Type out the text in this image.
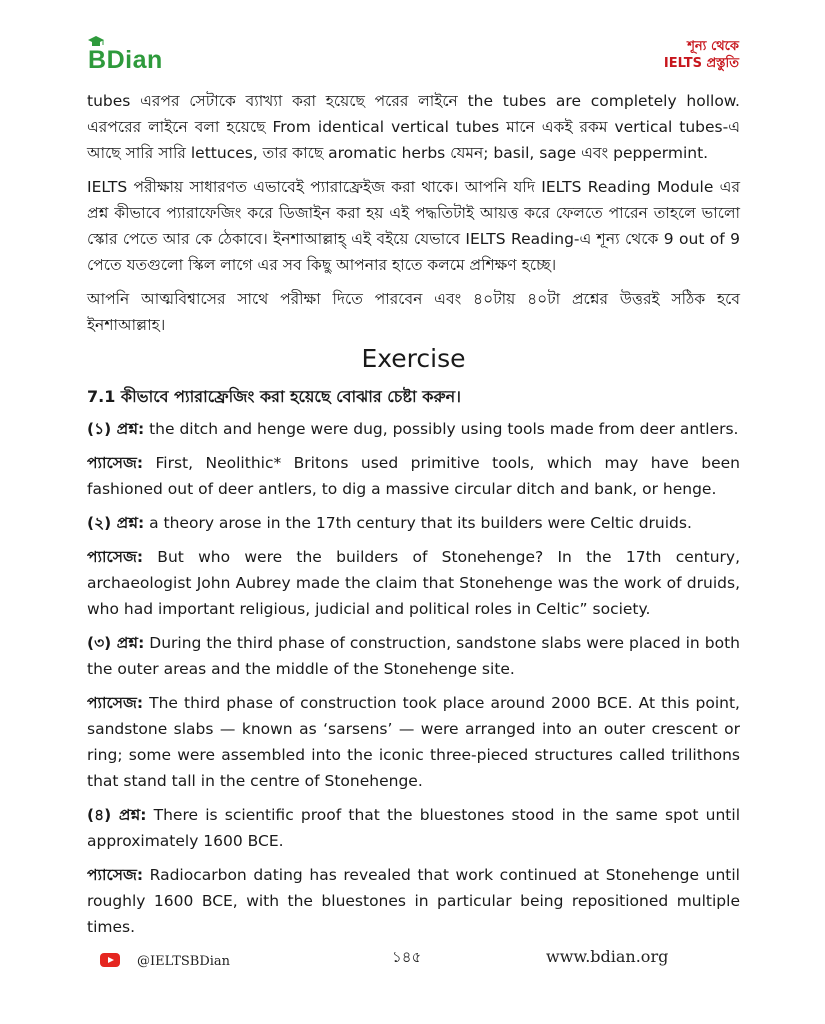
BDian	শূন্য থেকে
IELTS প্রস্তুতি

tubes এরপর সেটাকে ব্যাখ্যা করা হয়েছে পরের লাইনে the tubes are completely hollow. এরপরের লাইনে বলা হয়েছে From identical vertical tubes মানে একই রকম vertical tubes-এ আছে সারি সারি lettuces, তার কাছে aromatic herbs যেমন; basil, sage এবং peppermint.

IELTS পরীক্ষায় সাধারণত এভাবেই প্যারাফ্রেইজ করা থাকে। আপনি যদি IELTS Reading Module এর প্রশ্ন কীভাবে প্যারাফেজিং করে ডিজাইন করা হয় এই পদ্ধতিটাই আয়ত্ত করে ফেলতে পারেন তাহলে ভালো স্কোর পেতে আর কে ঠেকাবে। ইনশাআল্লাহ্ এই বইয়ে যেভাবে IELTS Reading-এ শূন্য থেকে 9 out of 9 পেতে যতগুলো স্কিল লাগে এর সব কিছু আপনার হাতে কলমে প্রশিক্ষণ হচ্ছে।

আপনি আত্মবিশ্বাসের সাথে পরীক্ষা দিতে পারবেন এবং ৪০টায় ৪০টা প্রশ্নের উত্তরই সঠিক হবে ইনশাআল্লাহ।

Exercise
7.1 কীভাবে প্যারাফ্রেজিং করা হয়েছে বোঝার চেষ্টা করুন।

(১) প্রশ্ন: the ditch and henge were dug, possibly using tools made from deer antlers.

প্যাসেজ: First, Neolithic* Britons used primitive tools, which may have been fashioned out of deer antlers, to dig a massive circular ditch and bank, or henge.

(২) প্রশ্ন: a theory arose in the 17th century that its builders were Celtic druids.

প্যাসেজ: But who were the builders of Stonehenge? In the 17th century, archaeologist John Aubrey made the claim that Stonehenge was the work of druids, who had important religious, judicial and political roles in Celtic” society.

(৩) প্রশ্ন: During the third phase of construction, sandstone slabs were placed in both the outer areas and the middle of the Stonehenge site.

প্যাসেজ: The third phase of construction took place around 2000 BCE. At this point, sandstone slabs — known as ‘sarsens’ — were arranged into an outer crescent or ring; some were assembled into the iconic three-pieced structures called trilithons that stand tall in the centre of Stonehenge.

(৪) প্রশ্ন: There is scientific proof that the bluestones stood in the same spot until approximately 1600 BCE.

প্যাসেজ: Radiocarbon dating has revealed that work continued at Stonehenge until roughly 1600 BCE, with the bluestones in particular being repositioned multiple times.

@IELTSBDian	১৪৫	www.bdian.org
